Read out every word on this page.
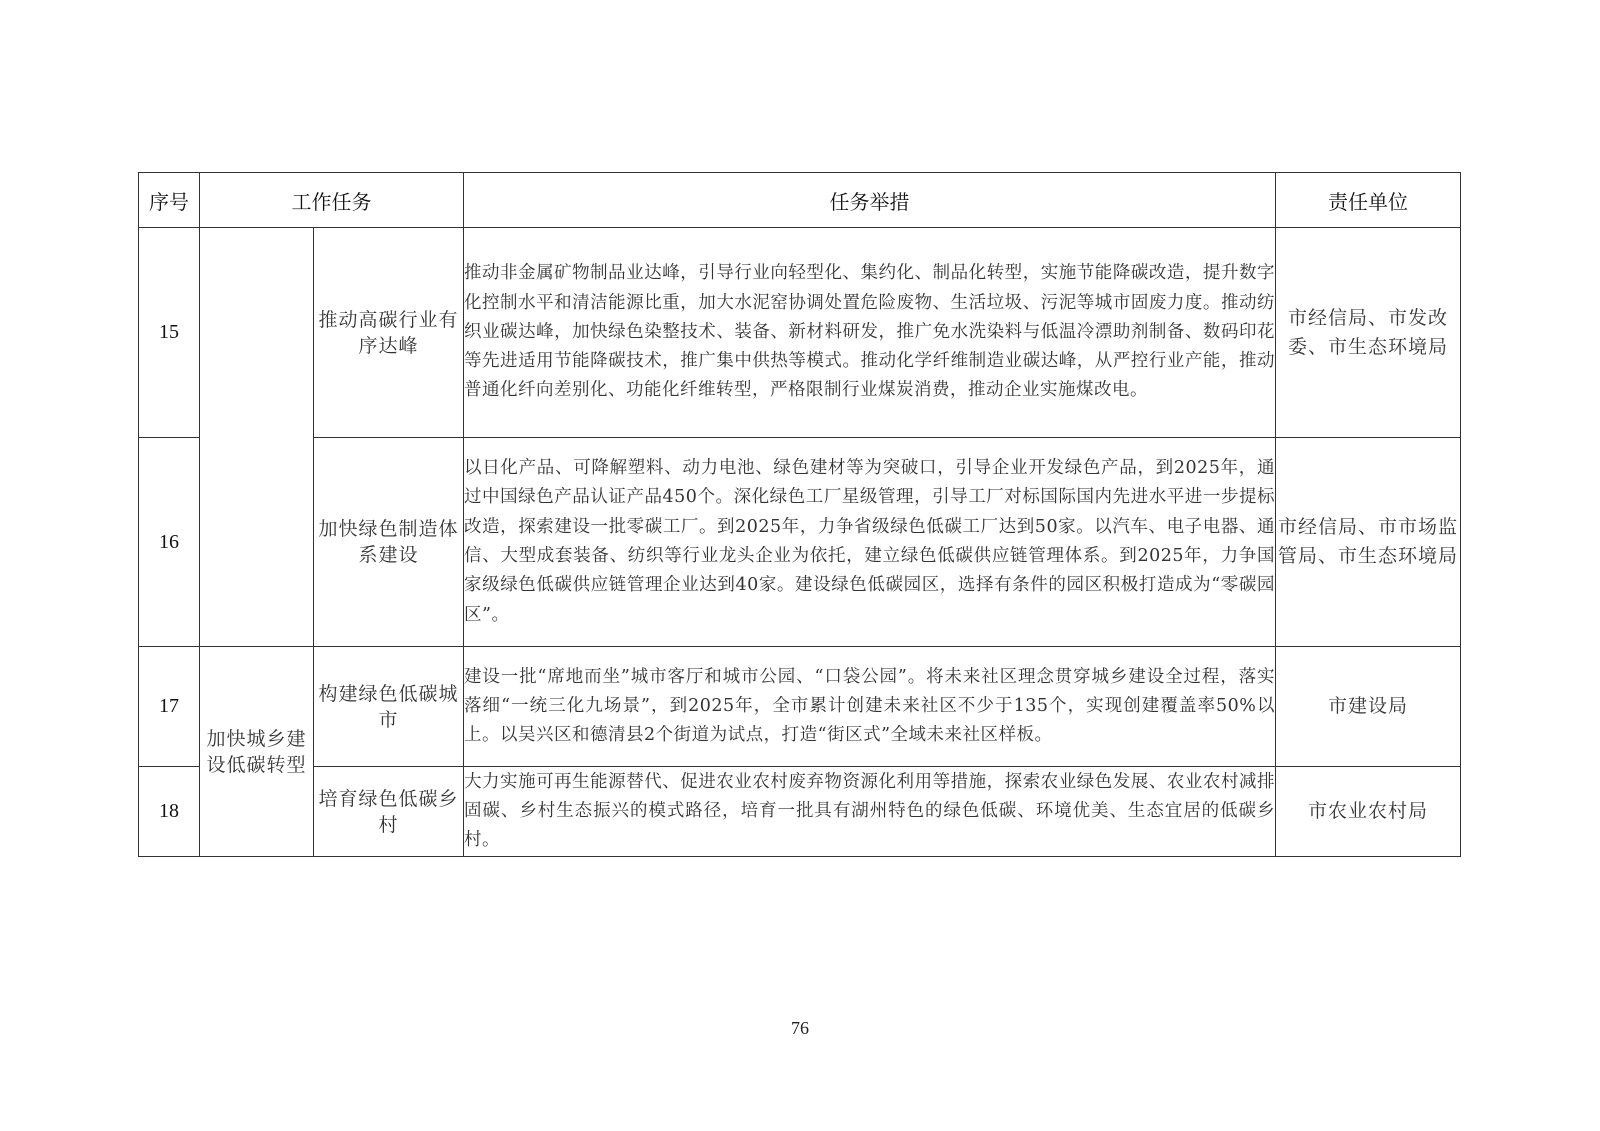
序号	工作任务		任务举措	责任单位
15		推动高碳行业有序达峰	推动非金属矿物制品业达峰，引导行业向轻型化、集约化、制品化转型，实施节能降碳改造，提升数字化控制水平和清洁能源比重，加大水泥窑协调处置危险废物、生活垃圾、污泥等城市固废力度。推动纺织业碳达峰，加快绿色染整技术、装备、新材料研发，推广免水洗染料与低温冷漂助剂制备、数码印花等先进适用节能降碳技术，推广集中供热等模式。推动化学纤维制造业碳达峰，从严控行业产能，推动普通化纤向差别化、功能化纤维转型，严格限制行业煤炭消费，推动企业实施煤改电。	市经信局、市发改委、市生态环境局
16		加快绿色制造体系建设	以日化产品、可降解塑料、动力电池、绿色建材等为突破口，引导企业开发绿色产品，到2025年，通过中国绿色产品认证产品450个。深化绿色工厂星级管理，引导工厂对标国际国内先进水平进一步提标改造，探索建设一批零碳工厂。到2025年，力争省级绿色低碳工厂达到50家。以汽车、电子电器、通信、大型成套装备、纺织等行业龙头企业为依托，建立绿色低碳供应链管理体系。到2025年，力争国家级绿色低碳供应链管理企业达到40家。建设绿色低碳园区，选择有条件的园区积极打造成为“零碳园区”。	市经信局、市市场监管局、市生态环境局
17	加快城乡建设低碳转型	构建绿色低碳城市	建设一批“席地而坐”城市客厅和城市公园、“口袋公园”。将未来社区理念贯穿城乡建设全过程，落实落细“一统三化九场景”，到2025年，全市累计创建未来社区不少于135个，实现创建覆盖率50%以上。以吴兴区和德清县2个街道为试点，打造“街区式”全域未来社区样板。	市建设局
18		培育绿色低碳乡村	大力实施可再生能源替代、促进农业农村废弃物资源化利用等措施，探索农业绿色发展、农业农村减排固碳、乡村生态振兴的模式路径，培育一批具有湖州特色的绿色低碳、环境优美、生态宜居的低碳乡村。	市农业农村局
76
